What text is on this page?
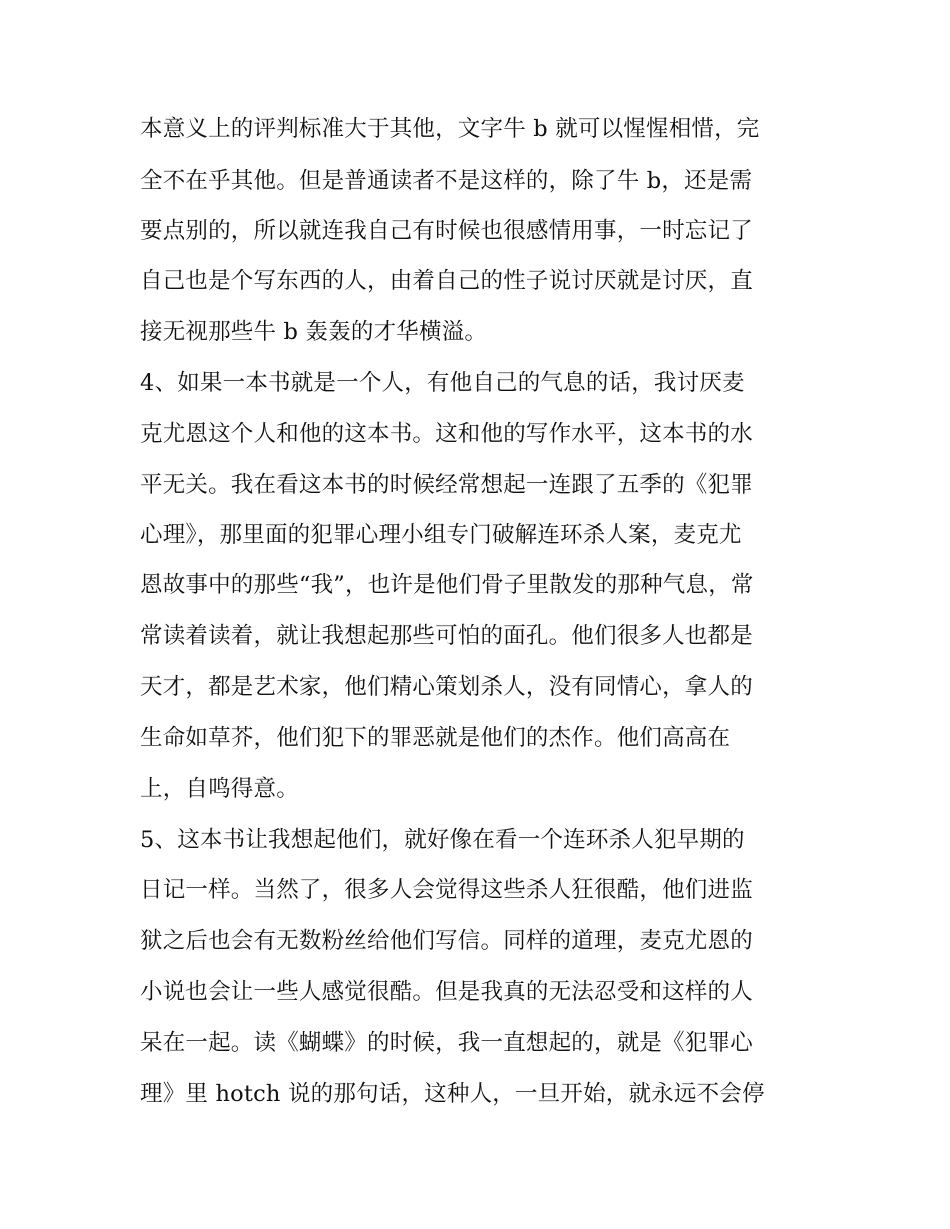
本意义上的评判标准大于其他，文字牛 b 就可以惺惺相惜，完
全不在乎其他。但是普通读者不是这样的，除了牛 b，还是需
要点别的，所以就连我自己有时候也很感情用事，一时忘记了
自己也是个写东西的人，由着自己的性子说讨厌就是讨厌，直
接无视那些牛 b 轰轰的才华横溢。
4、如果一本书就是一个人，有他自己的气息的话，我讨厌麦
克尤恩这个人和他的这本书。这和他的写作水平，这本书的水
平无关。我在看这本书的时候经常想起一连跟了五季的《犯罪
心理》，那里面的犯罪心理小组专门破解连环杀人案，麦克尤
恩故事中的那些“我”，也许是他们骨子里散发的那种气息，常
常读着读着，就让我想起那些可怕的面孔。他们很多人也都是
天才，都是艺术家，他们精心策划杀人，没有同情心，拿人的
生命如草芥，他们犯下的罪恶就是他们的杰作。他们高高在
上，自鸣得意。
5、这本书让我想起他们，就好像在看一个连环杀人犯早期的
日记一样。当然了，很多人会觉得这些杀人狂很酷，他们进监
狱之后也会有无数粉丝给他们写信。同样的道理，麦克尤恩的
小说也会让一些人感觉很酷。但是我真的无法忍受和这样的人
呆在一起。读《蝴蝶》的时候，我一直想起的，就是《犯罪心
理》里 hotch 说的那句话，这种人，一旦开始，就永远不会停
